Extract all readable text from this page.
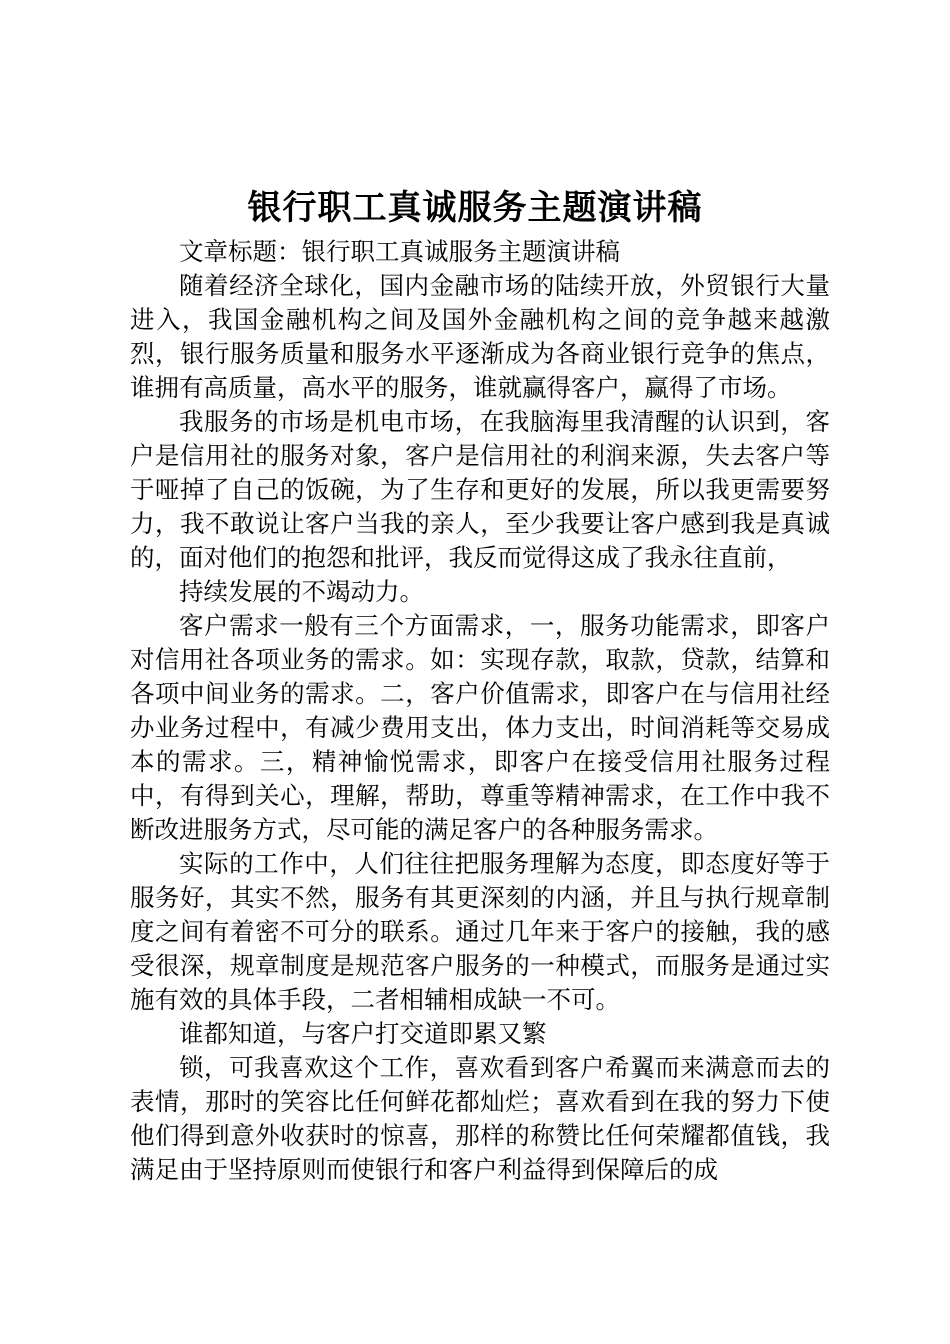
银行职工真诚服务主题演讲稿

文章标题：银行职工真诚服务主题演讲稿

随着经济全球化，国内金融市场的陆续开放，外贸银行大量进入，我国金融机构之间及国外金融机构之间的竞争越来越激烈，银行服务质量和服务水平逐渐成为各商业银行竞争的焦点，谁拥有高质量，高水平的服务，谁就赢得客户，赢得了市场。

我服务的市场是机电市场，在我脑海里我清醒的认识到，客户是信用社的服务对象，客户是信用社的利润来源，失去客户等于哑掉了自己的饭碗，为了生存和更好的发展，所以我更需要努力，我不敢说让客户当我的亲人，至少我要让客户感到我是真诚的，面对他们的抱怨和批评，我反而觉得这成了我永往直前，

持续发展的不竭动力。

客户需求一般有三个方面需求，一，服务功能需求，即客户对信用社各项业务的需求。如：实现存款，取款，贷款，结算和各项中间业务的需求。二，客户价值需求，即客户在与信用社经办业务过程中，有减少费用支出，体力支出，时间消耗等交易成本的需求。三，精神愉悦需求，即客户在接受信用社服务过程中，有得到关心，理解，帮助，尊重等精神需求，在工作中我不断改进服务方式，尽可能的满足客户的各种服务需求。

实际的工作中，人们往往把服务理解为态度，即态度好等于服务好，其实不然，服务有其更深刻的内涵，并且与执行规章制度之间有着密不可分的联系。通过几年来于客户的接触，我的感受很深，规章制度是规范客户服务的一种模式，而服务是通过实施有效的具体手段，二者相辅相成缺一不可。

谁都知道，与客户打交道即累又繁

锁，可我喜欢这个工作，喜欢看到客户希翼而来满意而去的表情，那时的笑容比任何鲜花都灿烂；喜欢看到在我的努力下使他们得到意外收获时的惊喜，那样的称赞比任何荣耀都值钱，我满足由于坚持原则而使银行和客户利益得到保障后的成
